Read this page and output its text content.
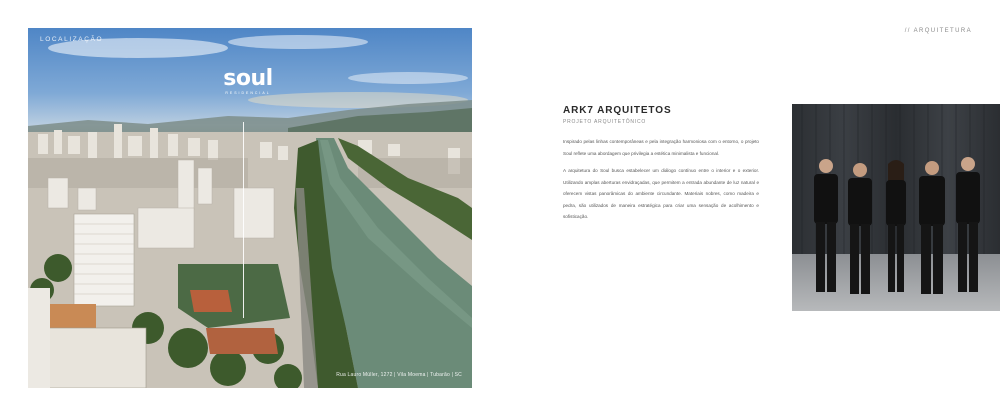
LOCALIZAÇÃO
soul
RESIDENCIAL
Rua Lauro Müller, 1272 | Vila Moema | Tubarão | SC
// ARQUITETURA
ARK7 ARQUITETOS
PROJETO ARQUITETÔNICO

Inspirado pelas linhas contemporâneas e pela integração harmoniosa com o entorno, o projeto Soul reflete uma abordagem que privilegia a estética minimalista e funcional.

A arquitetura do Soul busca estabelecer um diálogo contínuo entre o interior e o exterior. Utilizando amplas aberturas envidraçadas, que permitem a entrada abundante de luz natural e oferecem vistas panorâmicas do ambiente circundante. Materiais nobres, como madeira e pedra, são utilizados de maneira estratégica para criar uma sensação de acolhimento e sofisticação.
